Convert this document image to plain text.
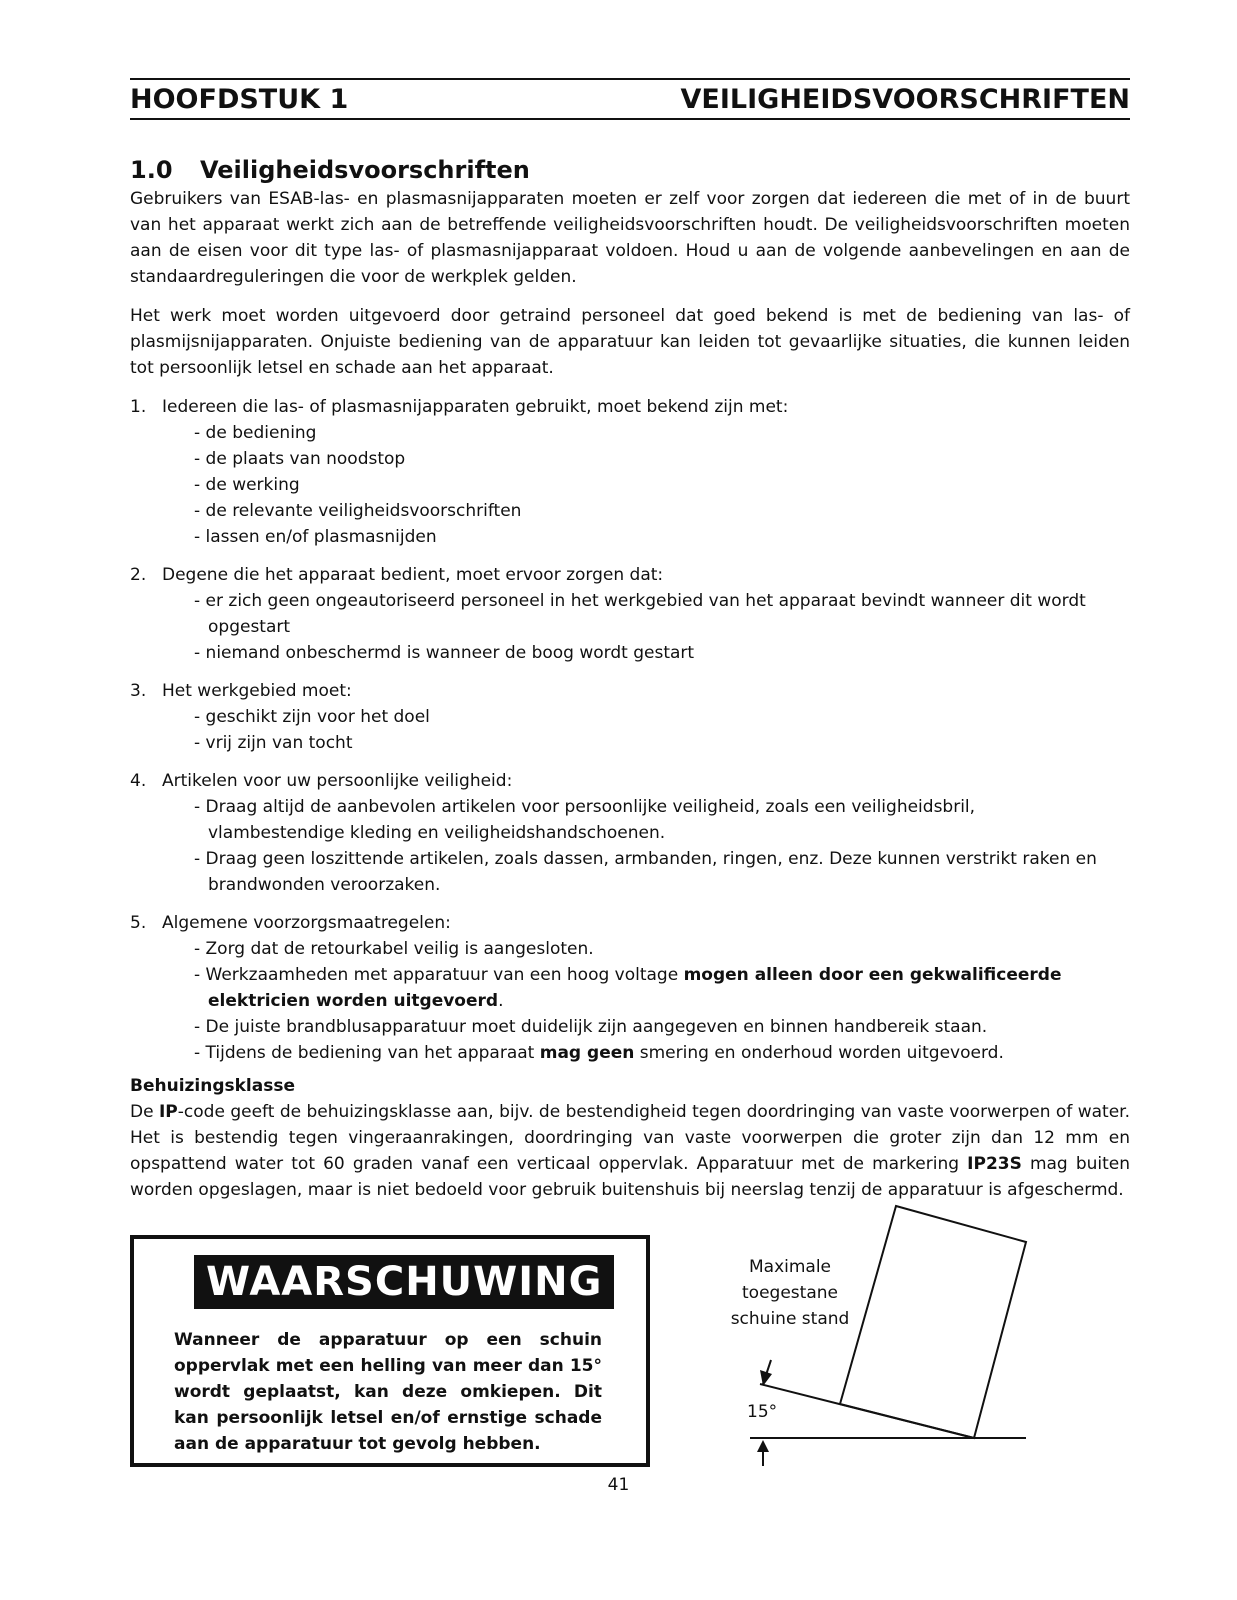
HOOFDSTUK 1	VEILIGHEIDSVOORSCHRIFTEN
1.0 Veiligheidsvoorschriften

Gebruikers van ESAB-las- en plasmasnijapparaten moeten er zelf voor zorgen dat iedereen die met of in de buurt van het apparaat werkt zich aan de betreffende veiligheidsvoorschriften houdt. De veiligheidsvoorschriften moeten aan de eisen voor dit type las- of plasmasnijapparaat voldoen. Houd u aan de volgende aanbevelingen en aan de standaardreguleringen die voor de werkplek gelden.

Het werk moet worden uitgevoerd door getraind personeel dat goed bekend is met de bediening van las- of plasmijsnijapparaten. Onjuiste bediening van de apparatuur kan leiden tot gevaarlijke situaties, die kunnen leiden tot persoonlijk letsel en schade aan het apparaat.

1. Iedereen die las- of plasmasnijapparaten gebruikt, moet bekend zijn met:
- de bediening
- de plaats van noodstop
- de werking
- de relevante veiligheidsvoorschriften
- lassen en/of plasmasnijden
2. Degene die het apparaat bedient, moet ervoor zorgen dat:
- er zich geen ongeautoriseerd personeel in het werkgebied van het apparaat bevindt wanneer dit wordt opgestart
- niemand onbeschermd is wanneer de boog wordt gestart
3. Het werkgebied moet:
- geschikt zijn voor het doel
- vrij zijn van tocht
4. Artikelen voor uw persoonlijke veiligheid:
- Draag altijd de aanbevolen artikelen voor persoonlijke veiligheid, zoals een veiligheidsbril, vlambestendige kleding en veiligheidshandschoenen.
- Draag geen loszittende artikelen, zoals dassen, armbanden, ringen, enz. Deze kunnen verstrikt raken en brandwonden veroorzaken.
5. Algemene voorzorgsmaatregelen:
- Zorg dat de retourkabel veilig is aangesloten.
- Werkzaamheden met apparatuur van een hoog voltage mogen alleen door een gekwalificeerde elektricien worden uitgevoerd.
- De juiste brandblusapparatuur moet duidelijk zijn aangegeven en binnen handbereik staan.
- Tijdens de bediening van het apparaat mag geen smering en onderhoud worden uitgevoerd.
Behuizingsklasse

De IP-code geeft de behuizingsklasse aan, bijv. de bestendigheid tegen doordringing van vaste voorwerpen of water. Het is bestendig tegen vingeraanrakingen, doordringing van vaste voorwerpen die groter zijn dan 12 mm en opspattend water tot 60 graden vanaf een verticaal oppervlak. Apparatuur met de markering IP23S mag buiten worden opgeslagen, maar is niet bedoeld voor gebruik buitenshuis bij neerslag tenzij de apparatuur is afgeschermd.

WAARSCHUWING
Wanneer de apparatuur op een schuin oppervlak met een helling van meer dan 15° wordt geplaatst, kan deze omkiepen. Dit kan persoonlijk letsel en/of ernstige schade aan de apparatuur tot gevolg hebben.
Maximale toegestane schuine stand
15°
41
